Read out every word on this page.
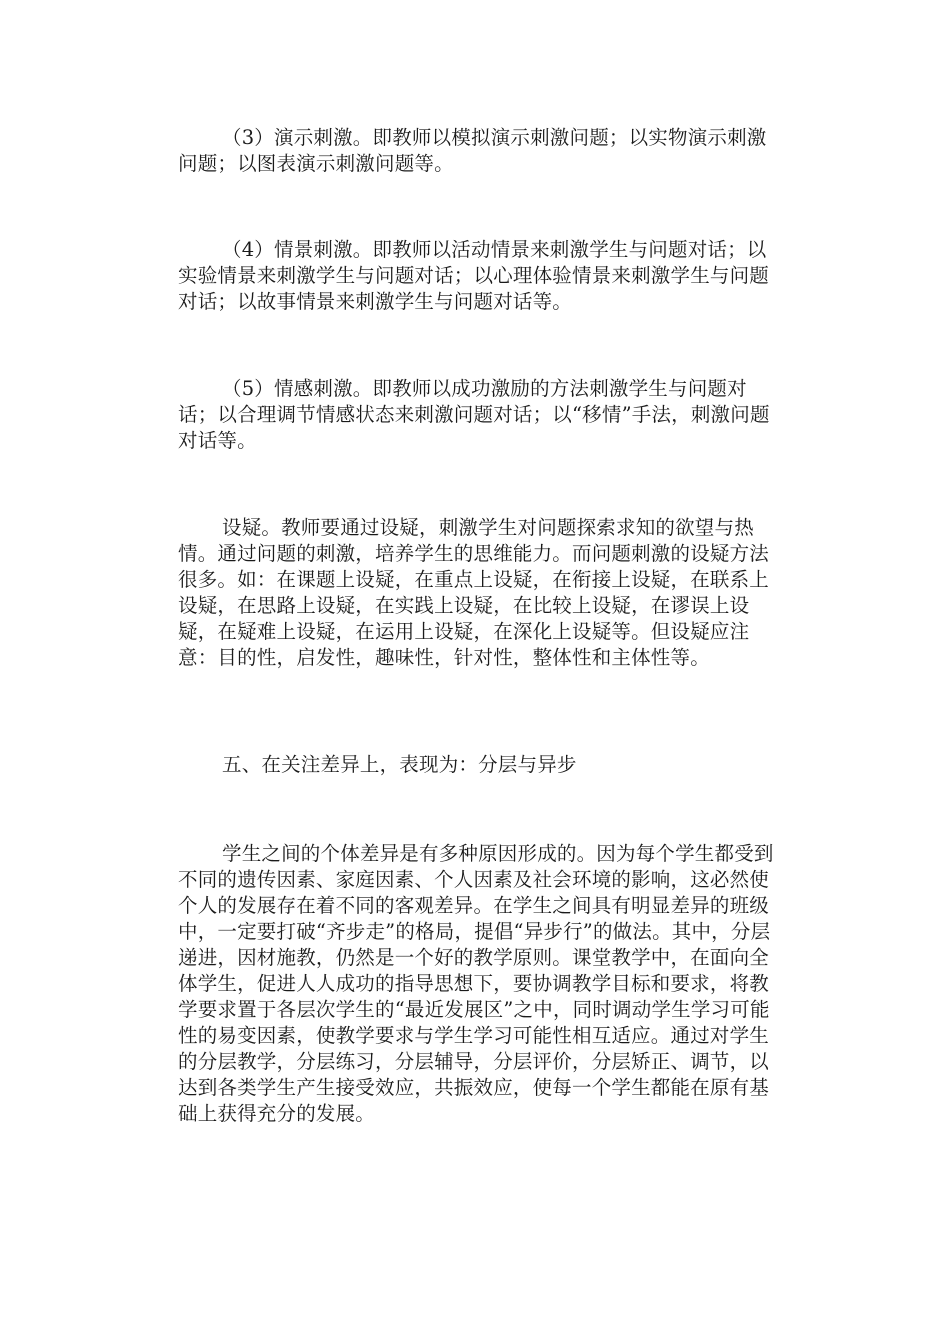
（3）演示刺激。即教师以模拟演示刺激问题；以实物演示刺激问题；以图表演示刺激问题等。

（4）情景刺激。即教师以活动情景来刺激学生与问题对话；以实验情景来刺激学生与问题对话；以心理体验情景来刺激学生与问题对话；以故事情景来刺激学生与问题对话等。

（5）情感刺激。即教师以成功激励的方法刺激学生与问题对话；以合理调节情感状态来刺激问题对话；以“移情”手法，刺激问题对话等。

设疑。教师要通过设疑，刺激学生对问题探索求知的欲望与热情。通过问题的刺激，培养学生的思维能力。而问题刺激的设疑方法很多。如：在课题上设疑，在重点上设疑，在衔接上设疑，在联系上设疑，在思路上设疑，在实践上设疑，在比较上设疑，在谬误上设疑，在疑难上设疑，在运用上设疑，在深化上设疑等。但设疑应注意：目的性，启发性，趣味性，针对性，整体性和主体性等。

五、在关注差异上，表现为：分层与异步

学生之间的个体差异是有多种原因形成的。因为每个学生都受到不同的遗传因素、家庭因素、个人因素及社会环境的影响，这必然使个人的发展存在着不同的客观差异。在学生之间具有明显差异的班级中，一定要打破“齐步走”的格局，提倡“异步行”的做法。其中，分层递进，因材施教，仍然是一个好的教学原则。课堂教学中，在面向全体学生，促进人人成功的指导思想下，要协调教学目标和要求，将教学要求置于各层次学生的“最近发展区”之中，同时调动学生学习可能性的易变因素，使教学要求与学生学习可能性相互适应。通过对学生的分层教学，分层练习，分层辅导，分层评价，分层矫正、调节，以达到各类学生产生接受效应，共振效应，使每一个学生都能在原有基础上获得充分的发展。
